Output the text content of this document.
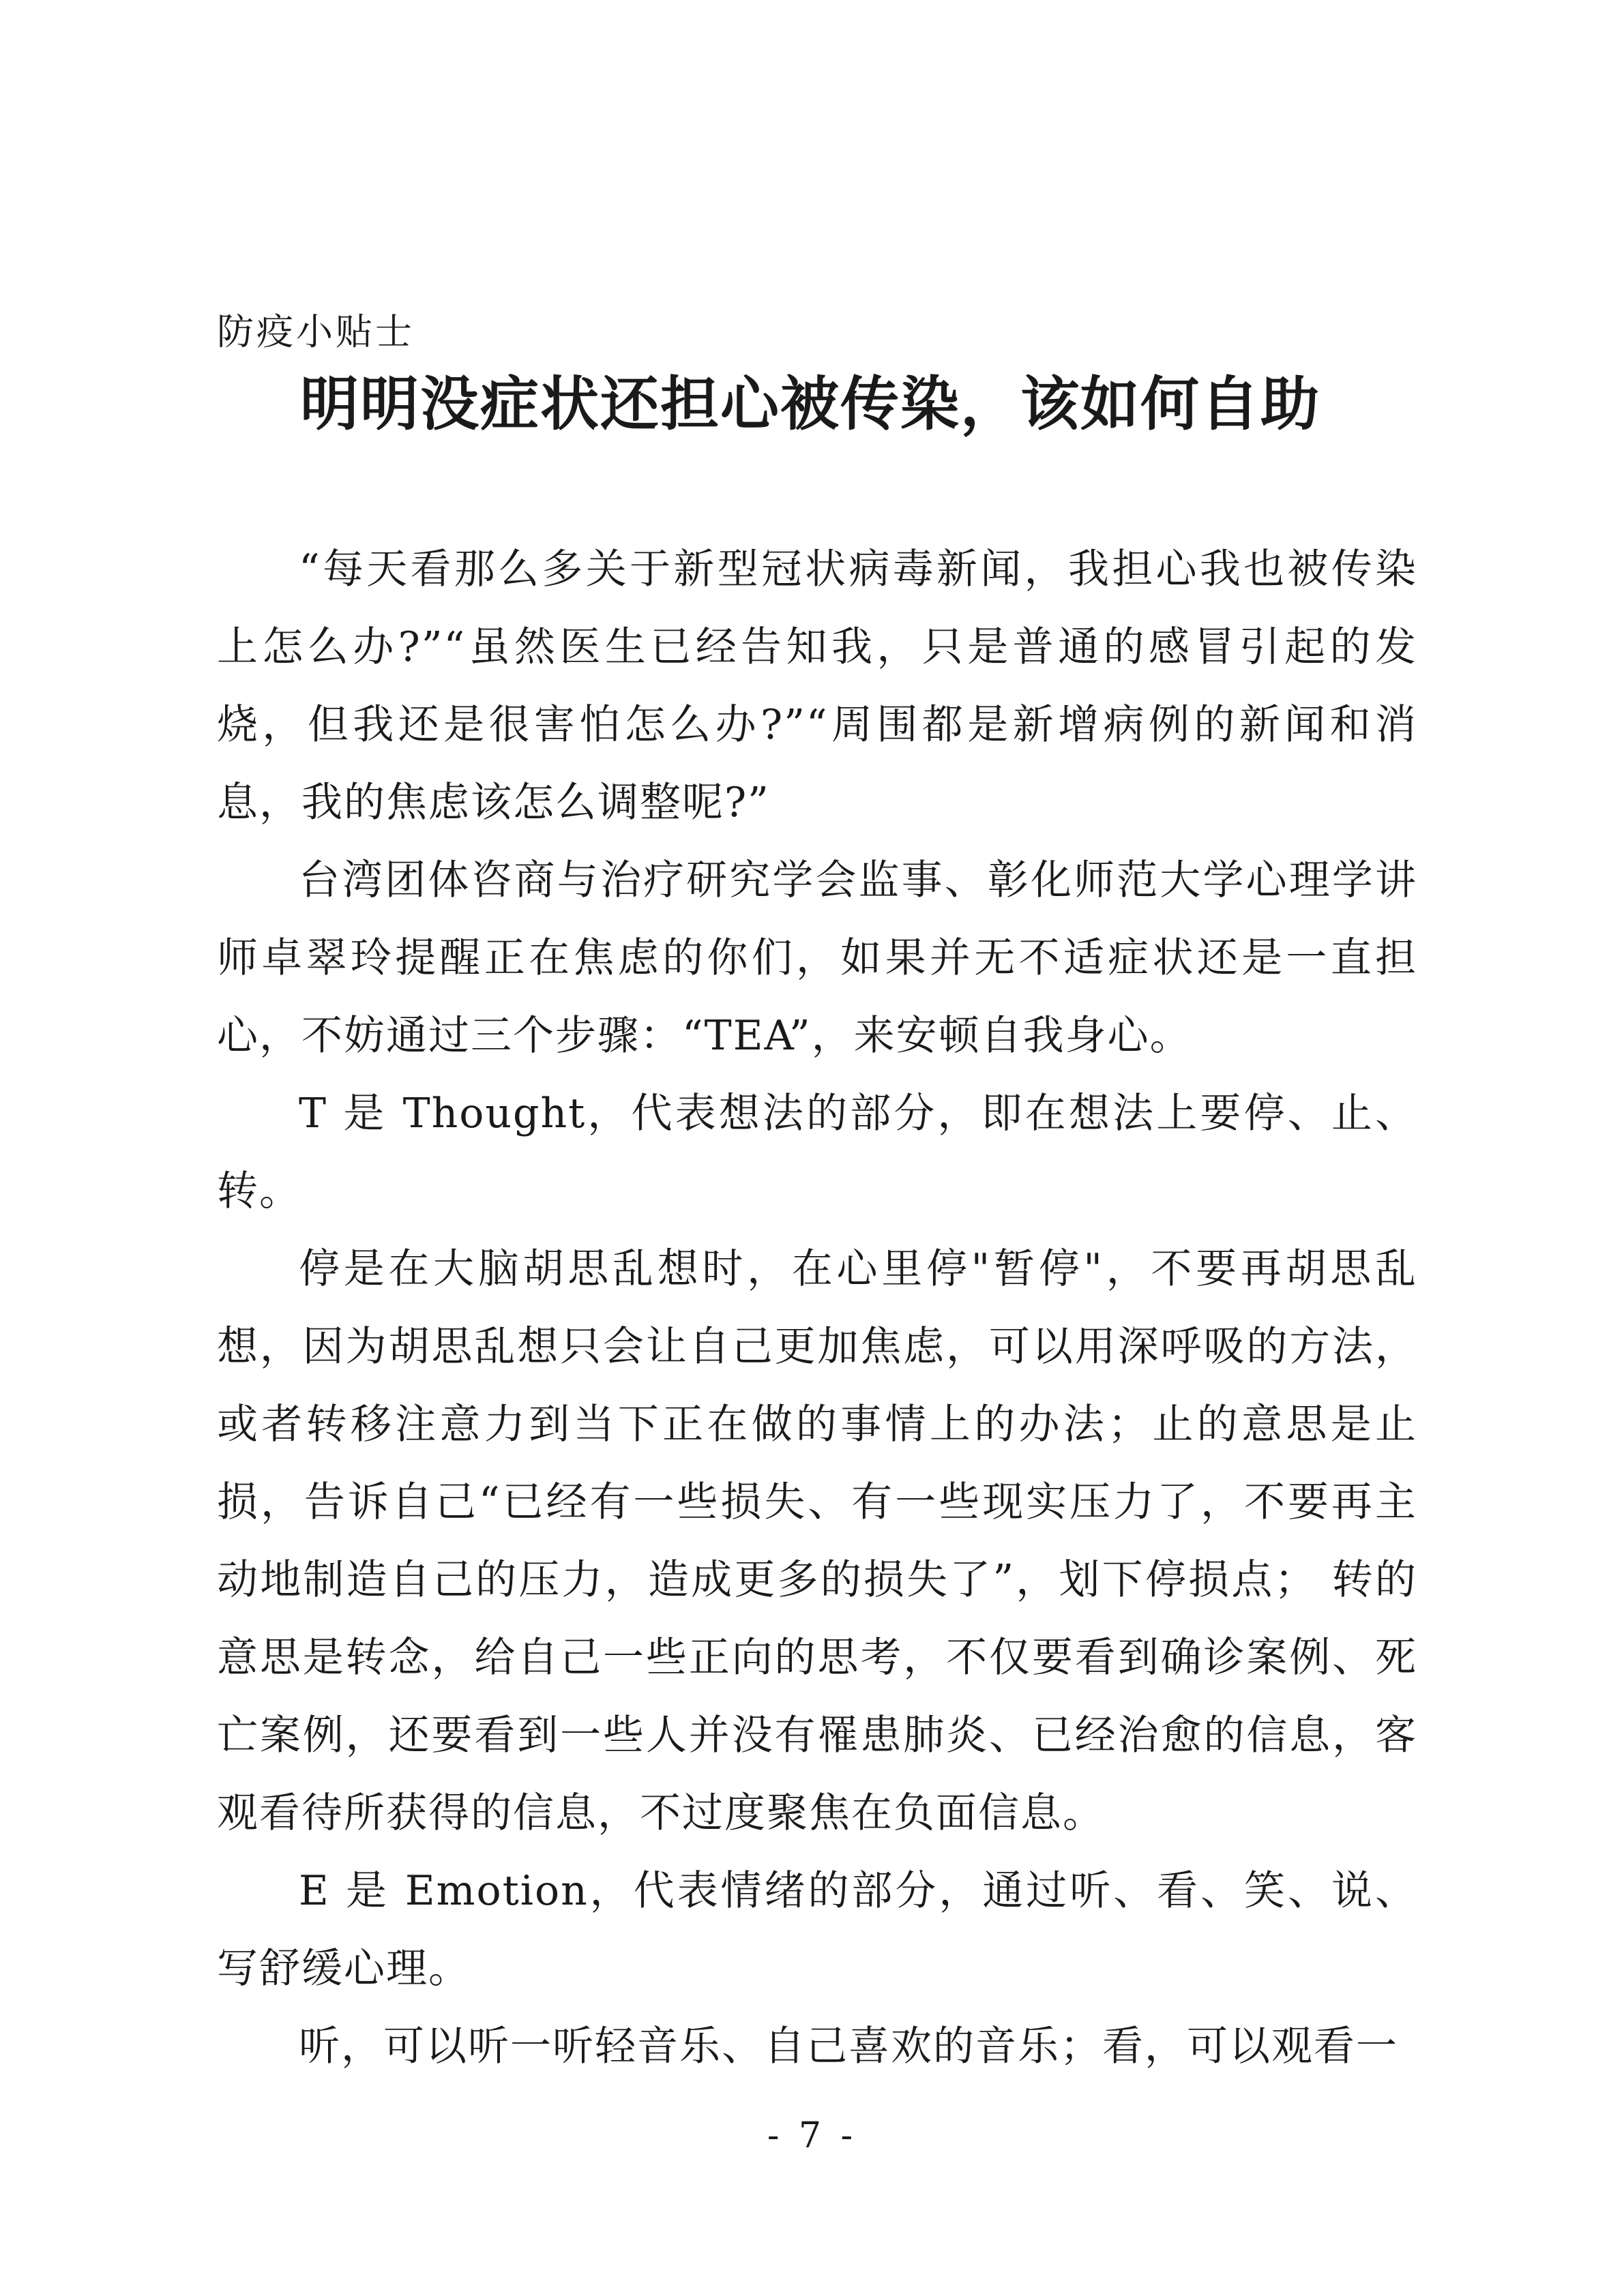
防疫小贴士
明明没症状还担心被传染，该如何自助

“每天看那么多关于新型冠状病毒新闻，我担心我也被传染上怎么办?”“虽然医生已经告知我，只是普通的感冒引起的发烧，但我还是很害怕怎么办?”“周围都是新增病例的新闻和消息，我的焦虑该怎么调整呢?”

台湾团体咨商与治疗研究学会监事、彰化师范大学心理学讲师卓翠玲提醒正在焦虑的你们，如果并无不适症状还是一直担心，不妨通过三个步骤：“TEA”，来安顿自我身心。

T 是 Thought，代表想法的部分，即在想法上要停、止、转。

停是在大脑胡思乱想时，在心里停"暂停"，不要再胡思乱想，因为胡思乱想只会让自己更加焦虑，可以用深呼吸的方法，或者转移注意力到当下正在做的事情上的办法；止的意思是止损，告诉自己“已经有一些损失、有一些现实压力了，不要再主动地制造自己的压力，造成更多的损失了”，划下停损点； 转的意思是转念，给自己一些正向的思考，不仅要看到确诊案例、死亡案例，还要看到一些人并没有罹患肺炎、已经治愈的信息，客观看待所获得的信息，不过度聚焦在负面信息。

E 是 Emotion，代表情绪的部分，通过听、看、笑、说、写舒缓心理。

听，可以听一听轻音乐、自己喜欢的音乐；看，可以观看一

- 7 -
